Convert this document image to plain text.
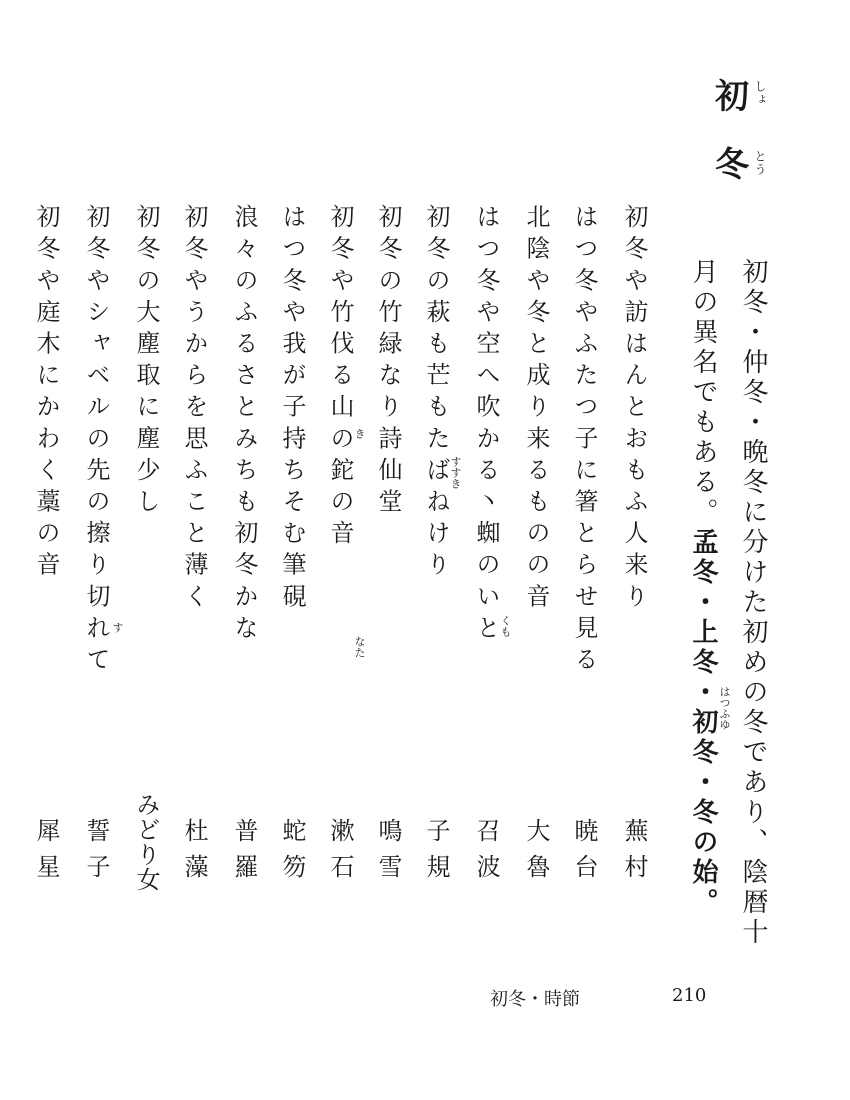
初 しょ
冬 とう
初冬・仲冬・晩冬に分けた初めの冬であり、陰暦十
月の異名でもある。孟冬・上冬・初冬・冬の始。 はつふゆ
初冬や訪はんとおもふ人来り
蕪村
はつ冬やふたつ子に箸とらせ見る
暁台
北陰や冬と成り来るものの音
大魯
はつ冬や空へ吹かる丶蜘のいと くも
召波
初冬の萩も芒もたばねけり すすき
子規
初冬の竹緑なり詩仙堂
鳴雪
初冬や竹伐る山の鉈の音 き
なた
漱石
はつ冬や我が子持ちそむ筆硯
蛇笏
浪々のふるさとみちも初冬かな
普羅
初冬やうからを思ふこと薄く
杜藻
初冬の大塵取に塵少し
みどり女
初冬やシャベルの先の擦り切れて す
誓子
初冬や庭木にかわく藁の音
犀星
初冬・時節	210
